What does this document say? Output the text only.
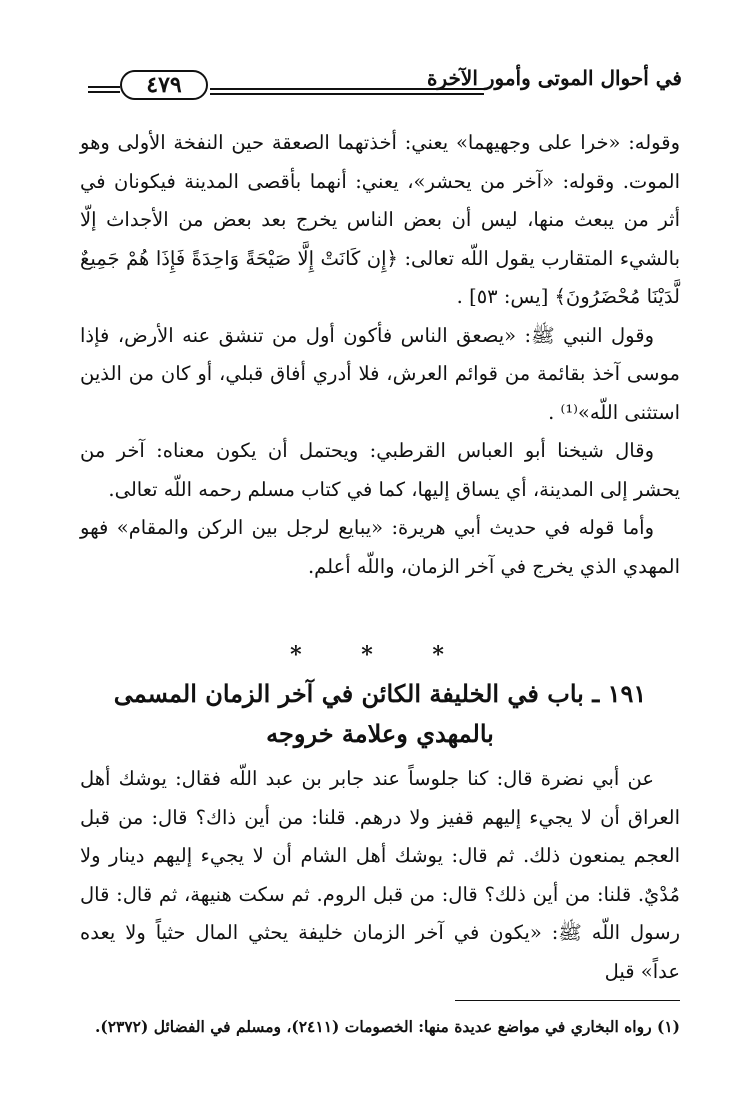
في أحوال الموتى وأمور الآخرة
٤٧٩

وقوله: «خرا على وجهيهما» يعني: أخذتهما الصعقة حين النفخة الأولى وهو الموت. وقوله: «آخر من يحشر»، يعني: أنهما بأقصى المدينة فيكونان في أثر من يبعث منها، ليس أن بعض الناس يخرج بعد بعض من الأجداث إلّا بالشيء المتقارب يقول اللّه تعالى: ﴿إِن كَانَتْ إِلَّا صَيْحَةً وَاحِدَةً فَإِذَا هُمْ جَمِيعٌ لَّدَيْنَا مُحْضَرُونَ﴾ [يس: ٥٣] .

وقول النبي ﷺ: «يصعق الناس فأكون أول من تنشق عنه الأرض، فإذا موسى آخذ بقائمة من قوائم العرش، فلا أدري أفاق قبلي، أو كان من الذين استثنى اللّه»⁽¹⁾ .

وقال شيخنا أبو العباس القرطبي: ويحتمل أن يكون معناه: آخر من يحشر إلى المدينة، أي يساق إليها، كما في كتاب مسلم رحمه اللّه تعالى.

وأما قوله في حديث أبي هريرة: «يبايع لرجل بين الركن والمقام» فهو المهدي الذي يخرج في آخر الزمان، واللّه أعلم.

* * *
١٩١ ـ باب في الخليفة الكائن في آخر الزمان المسمى
بالمهدي وعلامة خروجه

عن أبي نضرة قال: كنا جلوساً عند جابر بن عبد اللّه فقال: يوشك أهل العراق أن لا يجيء إليهم قفيز ولا درهم. قلنا: من أين ذاك؟ قال: من قبل العجم يمنعون ذلك. ثم قال: يوشك أهل الشام أن لا يجيء إليهم دينار ولا مُدْيٌ. قلنا: من أين ذلك؟ قال: من قبل الروم. ثم سكت هنيهة، ثم قال: قال رسول اللّه ﷺ: «يكون في آخر الزمان خليفة يحثي المال حثياً ولا يعده عداً» قيل

(١) رواه البخاري في مواضع عديدة منها: الخصومات (٢٤١١)، ومسلم في الفضائل (٢٣٧٢).
